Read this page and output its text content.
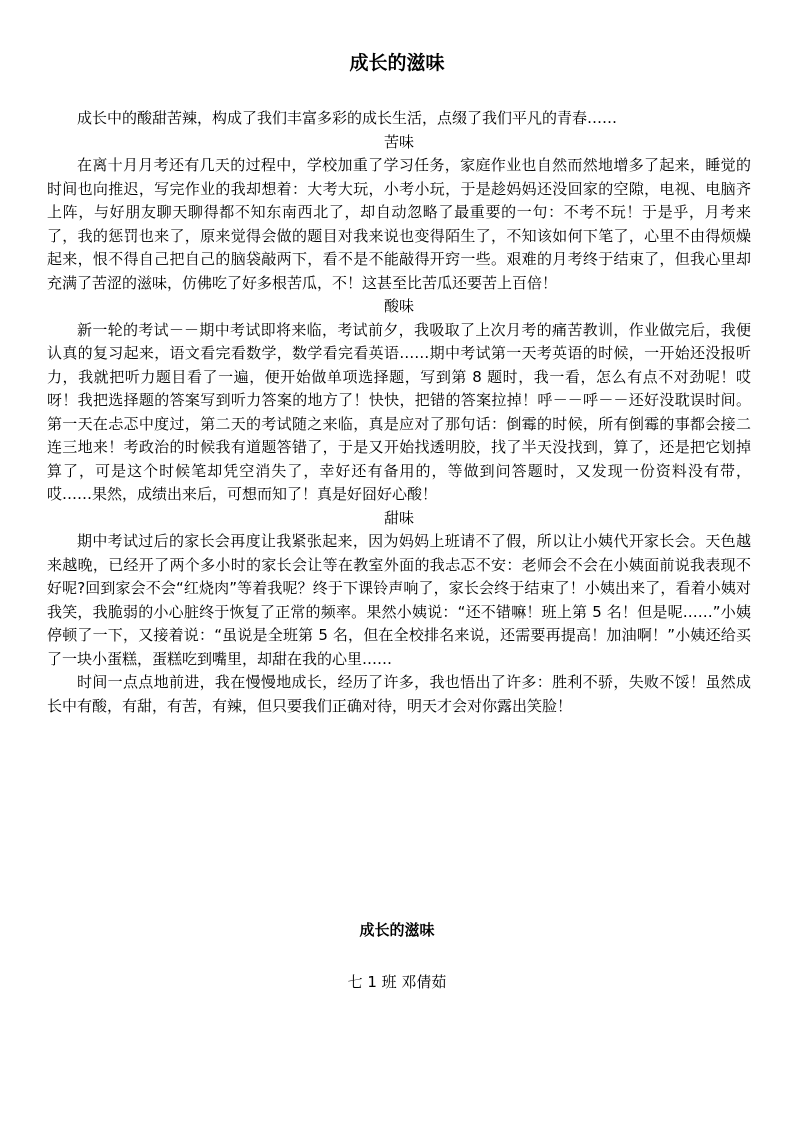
成长的滋味

成长中的酸甜苦辣，构成了我们丰富多彩的成长生活，点缀了我们平凡的青春……

苦味

在离十月月考还有几天的过程中，学校加重了学习任务，家庭作业也自然而然地增多了起来，睡觉的时间也向推迟，写完作业的我却想着：大考大玩，小考小玩，于是趁妈妈还没回家的空隙，电视、电脑齐上阵，与好朋友聊天聊得都不知东南西北了，却自动忽略了最重要的一句：不考不玩！于是乎，月考来了，我的惩罚也来了，原来觉得会做的题目对我来说也变得陌生了，不知该如何下笔了，心里不由得烦燥起来，恨不得自己把自己的脑袋敲两下，看不是不能敲得开窍一些。艰难的月考终于结束了，但我心里却充满了苦涩的滋味，仿佛吃了好多根苦瓜，不！这甚至比苦瓜还要苦上百倍！

酸味

新一轮的考试－－期中考试即将来临，考试前夕，我吸取了上次月考的痛苦教训，作业做完后，我便认真的复习起来，语文看完看数学，数学看完看英语……期中考试第一天考英语的时候，一开始还没报听力，我就把听力题目看了一遍，便开始做单项选择题，写到第 8 题时，我一看，怎么有点不对劲呢！哎呀！我把选择题的答案写到听力答案的地方了！快快，把错的答案拉掉！呼－－呼－－还好没耽误时间。第一天在忐忑中度过，第二天的考试随之来临，真是应对了那句话：倒霉的时候，所有倒霉的事都会接二连三地来！考政治的时候我有道题答错了，于是又开始找透明胶，找了半天没找到，算了，还是把它划掉算了，可是这个时候笔却凭空消失了，幸好还有备用的，等做到问答题时，又发现一份资料没有带，哎……果然，成绩出来后，可想而知了！真是好囧好心酸！

甜味

期中考试过后的家长会再度让我紧张起来，因为妈妈上班请不了假，所以让小姨代开家长会。天色越来越晚，已经开了两个多小时的家长会让等在教室外面的我忐忑不安：老师会不会在小姨面前说我表现不好呢?回到家会不会“红烧肉”等着我呢？终于下课铃声响了，家长会终于结束了！小姨出来了，看着小姨对我笑，我脆弱的小心脏终于恢复了正常的频率。果然小姨说：“还不错嘛！班上第 5 名！但是呢……”小姨停顿了一下，又接着说：“虽说是全班第 5 名，但在全校排名来说，还需要再提高！加油啊！”小姨还给买了一块小蛋糕，蛋糕吃到嘴里，却甜在我的心里……

时间一点点地前进，我在慢慢地成长，经历了许多，我也悟出了许多：胜利不骄，失败不馁！虽然成长中有酸，有甜，有苦，有辣，但只要我们正确对待，明天才会对你露出笑脸！

成长的滋味
七 1 班 邓倩茹
